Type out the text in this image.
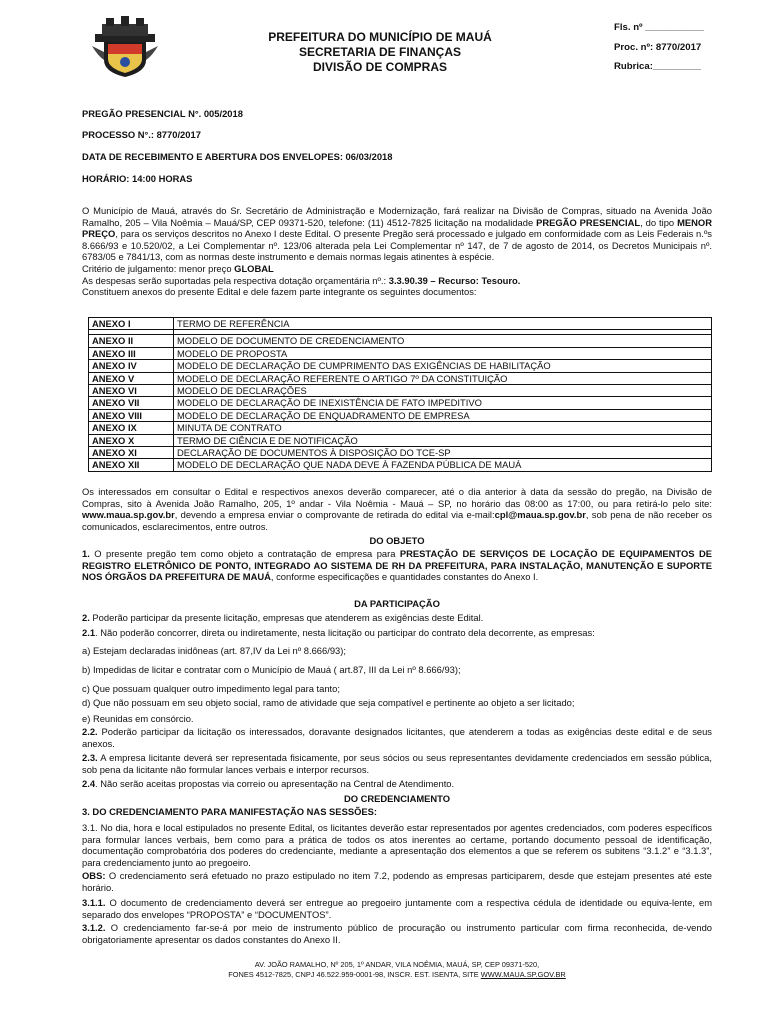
PREFEITURA DO MUNICÍPIO DE MAUÁ
SECRETARIA DE FINANÇAS
DIVISÃO DE COMPRAS
Fls. nº ___________
Proc. nº: 8770/2017
Rubrica:_________
PREGÃO PRESENCIAL N°. 005/2018
PROCESSO N°.: 8770/2017
DATA DE RECEBIMENTO E ABERTURA DOS ENVELOPES: 06/03/2018
HORÁRIO: 14:00 HORAS

O Município de Mauá, através do Sr. Secretário de Administração e Modernização, fará realizar na Divisão de Compras, situado na Avenida João Ramalho, 205 – Vila Noêmia – Mauá/SP, CEP 09371-520, telefone: (11) 4512-7825 licitação na modalidade PREGÃO PRESENCIAL, do tipo MENOR PREÇO, para os serviços descritos no Anexo I deste Edital. O presente Pregão será processado e julgado em conformidade com as Leis Federais n.ºs 8.666/93 e 10.520/02, a Lei Complementar nº. 123/06 alterada pela Lei Complementar nº 147, de 7 de agosto de 2014, os Decretos Municipais nº. 6783/05 e 7841/13, com as normas deste instrumento e demais normas legais atinentes à espécie.

Critério de julgamento: menor preço GLOBAL

As despesas serão suportadas pela respectiva dotação orçamentária nº.: 3.3.90.39 – Recurso: Tesouro.

Constituem anexos do presente Edital e dele fazem parte integrante os seguintes documentos:

ANEXO I	TERMO DE REFERÊNCIA

ANEXO II	MODELO DE DOCUMENTO DE CREDENCIAMENTO
ANEXO III	MODELO DE PROPOSTA
ANEXO IV	MODELO DE DECLARAÇÃO DE CUMPRIMENTO DAS EXIGÊNCIAS DE HABILITAÇÃO
ANEXO V	MODELO DE DECLARAÇÃO REFERENTE O ARTIGO 7º DA CONSTITUIÇÃO
ANEXO VI	MODELO DE DECLARAÇÕES
ANEXO VII	MODELO DE DECLARAÇÃO DE INEXISTÊNCIA DE FATO IMPEDITIVO
ANEXO VIII	MODELO DE DECLARAÇÃO DE ENQUADRAMENTO DE EMPRESA
ANEXO IX	MINUTA DE CONTRATO
ANEXO X	TERMO DE CIÊNCIA E DE NOTIFICAÇÃO
ANEXO XI	DECLARAÇÃO DE DOCUMENTOS À DISPOSIÇÃO DO TCE-SP
ANEXO XII	MODELO DE DECLARAÇÃO QUE NADA DEVE À FAZENDA PÚBLICA DE MAUÁ

Os interessados em consultar o Edital e respectivos anexos deverão comparecer, até o dia anterior à data da sessão do pregão, na Divisão de Compras, sito à Avenida João Ramalho, 205, 1º andar - Vila Noêmia - Mauá – SP, no horário das 08:00 as 17:00, ou para retirá-lo pelo site: www.maua.sp.gov.br, devendo a empresa enviar o comprovante de retirada do edital via e-mail:cpl@maua.sp.gov.br, sob pena de não receber os comunicados, esclarecimentos, entre outros.

DO OBJETO

1. O presente pregão tem como objeto a contratação de empresa para PRESTAÇÃO DE SERVIÇOS DE LOCAÇÃO DE EQUIPAMENTOS DE REGISTRO ELETRÔNICO DE PONTO, INTEGRADO AO SISTEMA DE RH DA PREFEITURA, PARA INSTALAÇÃO, MANUTENÇÃO E SUPORTE NOS ÓRGÃOS DA PREFEITURA DE MAUÁ, conforme especificações e quantidades constantes do Anexo I.

DA PARTICIPAÇÃO

2. Poderão participar da presente licitação, empresas que atenderem as exigências deste Edital.

2.1. Não poderão concorrer, direta ou indiretamente, nesta licitação ou participar do contrato dela decorrente, as empresas:

a) Estejam declaradas inidôneas (art. 87,IV da Lei nº 8.666/93);
b) Impedidas de licitar e contratar com o Município de Mauá ( art.87, III da Lei nº 8.666/93);
c) Que possuam qualquer outro impedimento legal para tanto;
d) Que não possuam em seu objeto social, ramo de atividade que seja compatível e pertinente ao objeto a ser licitado;
e) Reunidas em consórcio.

2.2. Poderão participar da licitação os interessados, doravante designados licitantes, que atenderem a todas as exigências deste edital e de seus anexos.

2.3. A empresa licitante deverá ser representada fisicamente, por seus sócios ou seus representantes devidamente credenciados em sessão pública, sob pena da licitante não formular lances verbais e interpor recursos.

2.4. Não serão aceitas propostas via correio ou apresentação na Central de Atendimento.

DO CREDENCIAMENTO
3. DO CREDENCIAMENTO PARA MANIFESTAÇÃO NAS SESSÕES:
3.1. No dia, hora e local estipulados no presente Edital, os licitantes deverão estar representados por agentes credenciados, com poderes específicos para formular lances verbais, bem como para a prática de todos os atos inerentes ao certame, portando documento pessoal de identificação, documentação comprobatória dos poderes do credenciante, mediante a apresentação dos elementos a que se referem os subitens “3.1.2” e “3.1.3”, para credenciamento junto ao pregoeiro.

OBS: O credenciamento será efetuado no prazo estipulado no item 7.2, podendo as empresas participarem, desde que estejam presentes até este horário.

3.1.1. O documento de credenciamento deverá ser entregue ao pregoeiro juntamente com a respectiva cédula de identidade ou equiva-lente, em separado dos envelopes “PROPOSTA” e “DOCUMENTOS”.

3.1.2. O credenciamento far-se-á por meio de instrumento público de procuração ou instrumento particular com firma reconhecida, de-vendo obrigatoriamente apresentar os dados constantes do Anexo II.

AV. JOÃO RAMALHO, Nº 205, 1º ANDAR, VILA NOÊMIA, MAUÁ, SP, CEP 09371-520,
FONES 4512-7825, CNPJ 46.522.959-0001-98, INSCR. EST. ISENTA, SITE WWW.MAUA.SP.GOV.BR
